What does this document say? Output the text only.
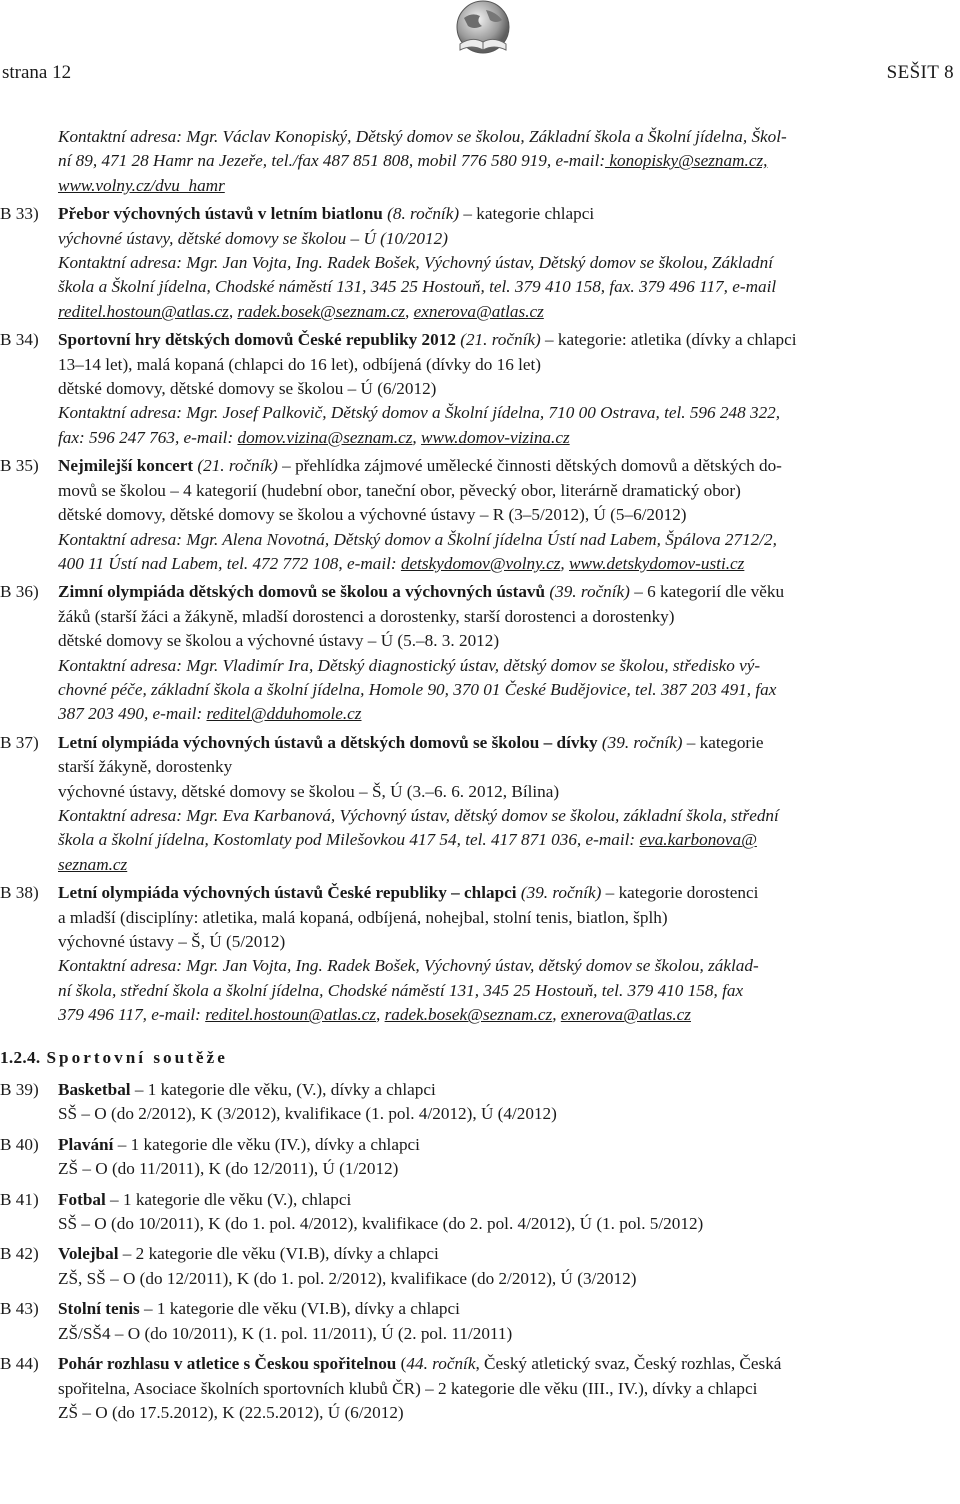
strana 12	SEŠIT 8
Kontaktní adresa: Mgr. Václav Konopiský, Dětský domov se školou, Základní škola a Školní jídelna, Škol-
ní 89, 471 28 Hamr na Jezeře, tel./fax 487 851 808, mobil 776 580 919, e-mail: konopisky@seznam.cz,
www.volny.cz/dvu_hamr
B 33) Přebor výchovných ústavů v letním biatlonu (8. ročník) – kategorie chlapci
výchovné ústavy, dětské domovy se školou – Ú (10/2012)
Kontaktní adresa: Mgr. Jan Vojta, Ing. Radek Bošek, Výchovný ústav, Dětský domov se školou, Základní
škola a Školní jídelna, Chodské náměstí 131, 345 25 Hostouň, tel. 379 410 158, fax. 379 496 117, e-mail
reditel.hostoun@atlas.cz, radek.bosek@seznam.cz, exnerova@atlas.cz
B 34) Sportovní hry dětských domovů České republiky 2012 (21. ročník) – kategorie: atletika (dívky a chlapci
13–14 let), malá kopaná (chlapci do 16 let), odbíjená (dívky do 16 let)
dětské domovy, dětské domovy se školou – Ú (6/2012)
Kontaktní adresa: Mgr. Josef Palkovič, Dětský domov a Školní jídelna, 710 00 Ostrava, tel. 596 248 322,
fax: 596 247 763, e-mail: domov.vizina@seznam.cz, www.domov-vizina.cz
B 35) Nejmilejší koncert (21. ročník) – přehlídka zájmové umělecké činnosti dětských domovů a dětských do-
movů se školou – 4 kategorií (hudební obor, taneční obor, pěvecký obor, literárně dramatický obor)
dětské domovy, dětské domovy se školou a výchovné ústavy – R (3–5/2012), Ú (5–6/2012)
Kontaktní adresa: Mgr. Alena Novotná, Dětský domov a Školní jídelna Ústí nad Labem, Špálova 2712/2,
400 11 Ústí nad Labem, tel. 472 772 108, e-mail: detskydomov@volny.cz, www.detskydomov-usti.cz
B 36) Zimní olympiáda dětských domovů se školou a výchovných ústavů (39. ročník) – 6 kategorií dle věku
žáků (starší žáci a žákyně, mladší dorostenci a dorostenky, starší dorostenci a dorostenky)
dětské domovy se školou a výchovné ústavy – Ú (5.–8. 3. 2012)
Kontaktní adresa: Mgr. Vladimír Ira, Dětský diagnostický ústav, dětský domov se školou, středisko vý-
chovné péče, základní škola a školní jídelna, Homole 90, 370 01 České Budějovice, tel. 387 203 491, fax
387 203 490, e-mail: reditel@dduhomole.cz
B 37) Letní olympiáda výchovných ústavů a dětských domovů se školou – dívky (39. ročník) – kategorie
starší žákyně, dorostenky
výchovné ústavy, dětské domovy se školou – Š, Ú (3.–6. 6. 2012, Bílina)
Kontaktní adresa: Mgr. Eva Karbanová, Výchovný ústav, dětský domov se školou, základní škola, střední
škola a školní jídelna, Kostomlaty pod Milešovkou 417 54, tel. 417 871 036, e-mail: eva.karbonova@
seznam.cz
B 38) Letní olympiáda výchovných ústavů České republiky – chlapci (39. ročník) – kategorie dorostenci
a mladší (disciplíny: atletika, malá kopaná, odbíjená, nohejbal, stolní tenis, biatlon, šplh)
výchovné ústavy – Š, Ú (5/2012)
Kontaktní adresa: Mgr. Jan Vojta, Ing. Radek Bošek, Výchovný ústav, dětský domov se školou, základ-
ní škola, střední škola a školní jídelna, Chodské náměstí 131, 345 25 Hostouň, tel. 379 410 158, fax
379 496 117, e-mail: reditel.hostoun@atlas.cz, radek.bosek@seznam.cz, exnerova@atlas.cz
1.2.4. Sportovní soutěže
B 39) Basketbal – 1 kategorie dle věku, (V.), dívky a chlapci
SŠ – O (do 2/2012), K (3/2012), kvalifikace (1. pol. 4/2012), Ú (4/2012)
B 40) Plavání – 1 kategorie dle věku (IV.), dívky a chlapci
ZŠ – O (do 11/2011), K (do 12/2011), Ú (1/2012)
B 41) Fotbal – 1 kategorie dle věku (V.), chlapci
SŠ – O (do 10/2011), K (do 1. pol. 4/2012), kvalifikace (do 2. pol. 4/2012), Ú (1. pol. 5/2012)
B 42) Volejbal – 2 kategorie dle věku (VI.B), dívky a chlapci
ZŠ, SŠ – O (do 12/2011), K (do 1. pol. 2/2012), kvalifikace (do 2/2012), Ú (3/2012)
B 43) Stolní tenis – 1 kategorie dle věku (VI.B), dívky a chlapci
ZŠ/SŠ4 – O (do 10/2011), K (1. pol. 11/2011), Ú (2. pol. 11/2011)
B 44) Pohár rozhlasu v atletice s Českou spořitelnou (44. ročník, Český atletický svaz, Český rozhlas, Česká
spořitelna, Asociace školních sportovních klubů ČR) – 2 kategorie dle věku (III., IV.), dívky a chlapci
ZŠ – O (do 17.5.2012), K (22.5.2012), Ú (6/2012)
